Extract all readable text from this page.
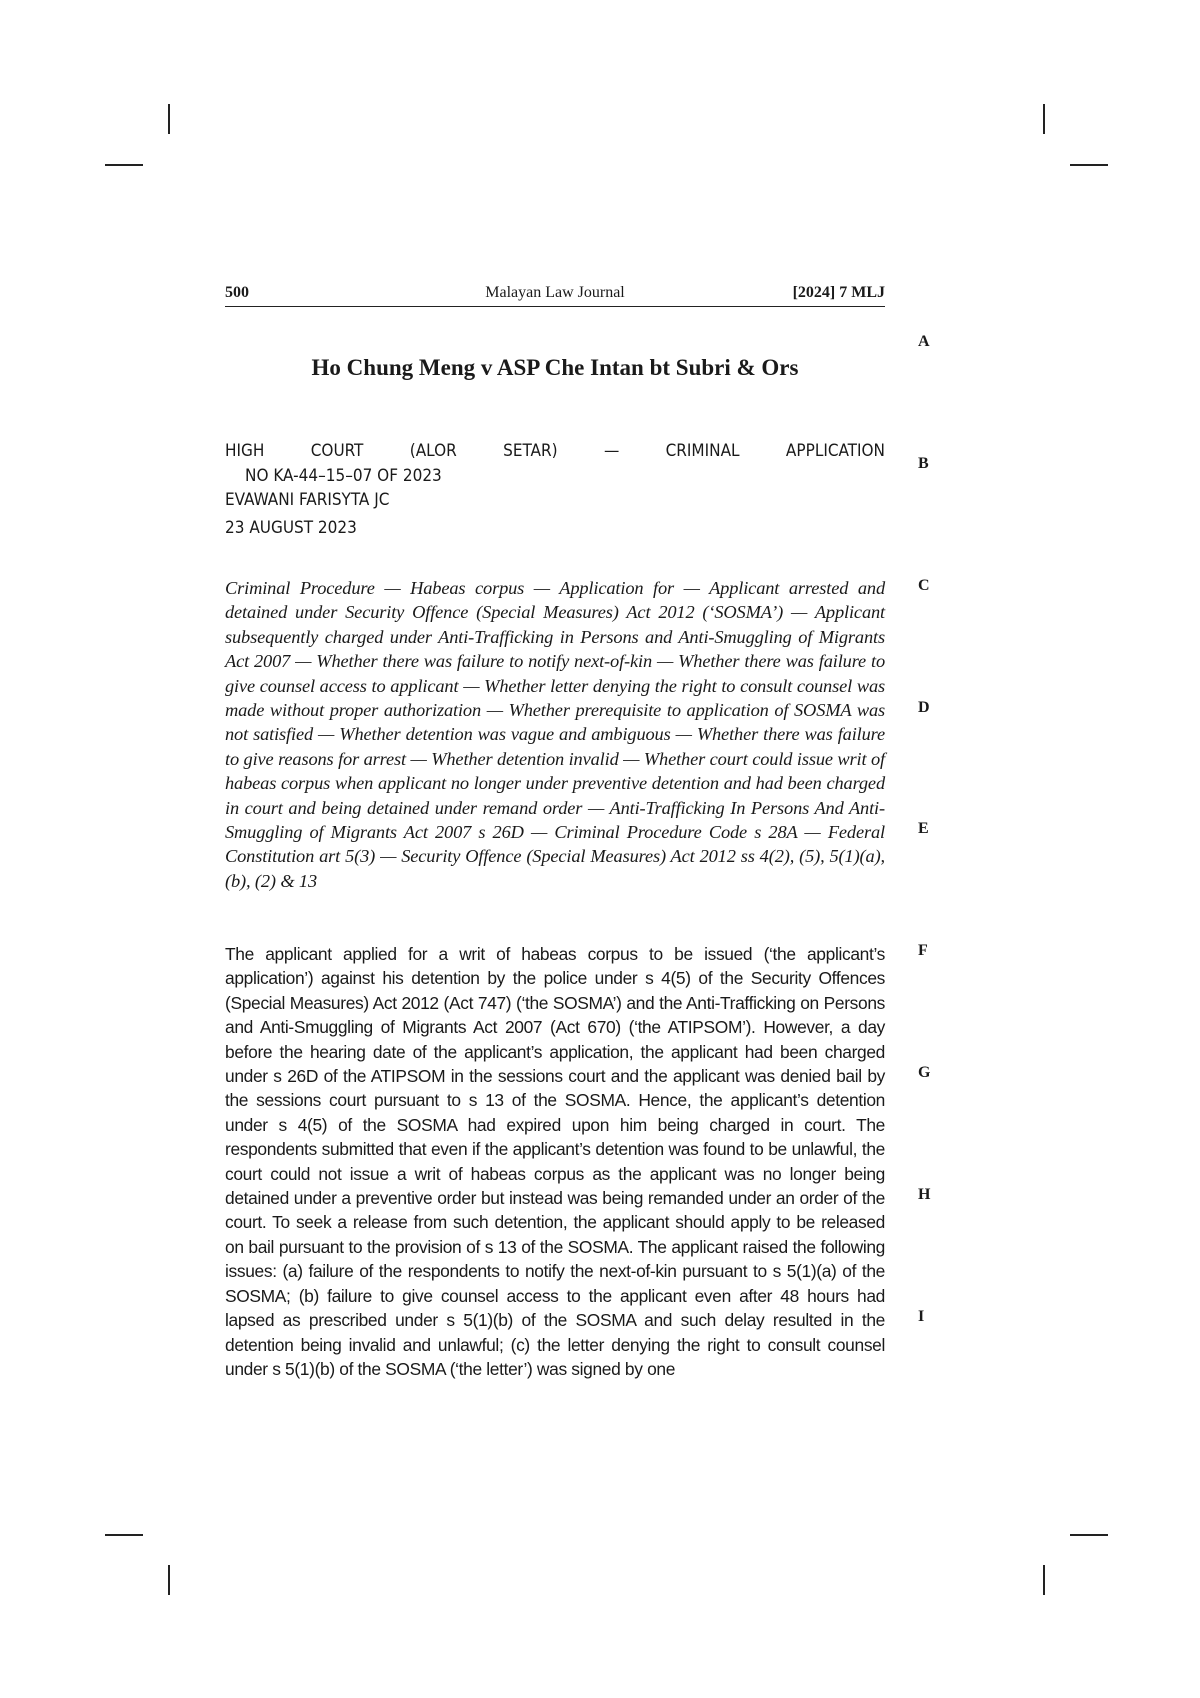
500	Malayan Law Journal	[2024] 7 MLJ
Ho Chung Meng v ASP Che Intan bt Subri & Ors
HIGH COURT (ALOR SETAR) — CRIMINAL APPLICATION
NO KA-44–15–07 OF 2023
EVAWANI FARISYTA JC
23 AUGUST 2023
Criminal Procedure — Habeas corpus — Application for — Applicant arrested and detained under Security Offence (Special Measures) Act 2012 (‘SOSMA’) — Applicant subsequently charged under Anti-Trafficking in Persons and Anti-Smuggling of Migrants Act 2007 — Whether there was failure to notify next-of-kin — Whether there was failure to give counsel access to applicant — Whether letter denying the right to consult counsel was made without proper authorization — Whether prerequisite to application of SOSMA was not satisfied — Whether detention was vague and ambiguous — Whether there was failure to give reasons for arrest — Whether detention invalid — Whether court could issue writ of habeas corpus when applicant no longer under preventive detention and had been charged in court and being detained under remand order — Anti-Trafficking In Persons And Anti-Smuggling of Migrants Act 2007 s 26D — Criminal Procedure Code s 28A — Federal Constitution art 5(3) — Security Offence (Special Measures) Act 2012 ss 4(2), (5), 5(1)(a), (b), (2) & 13
The applicant applied for a writ of habeas corpus to be issued (‘the applicant’s application’) against his detention by the police under s 4(5) of the Security Offences (Special Measures) Act 2012 (Act 747) (‘the SOSMA’) and the Anti-Trafficking on Persons and Anti-Smuggling of Migrants Act 2007 (Act 670) (‘the ATIPSOM’). However, a day before the hearing date of the applicant’s application, the applicant had been charged under s 26D of the ATIPSOM in the sessions court and the applicant was denied bail by the sessions court pursuant to s 13 of the SOSMA. Hence, the applicant’s detention under s 4(5) of the SOSMA had expired upon him being charged in court. The respondents submitted that even if the applicant’s detention was found to be unlawful, the court could not issue a writ of habeas corpus as the applicant was no longer being detained under a preventive order but instead was being remanded under an order of the court. To seek a release from such detention, the applicant should apply to be released on bail pursuant to the provision of s 13 of the SOSMA. The applicant raised the following issues: (a) failure of the respondents to notify the next-of-kin pursuant to s 5(1)(a) of the SOSMA; (b) failure to give counsel access to the applicant even after 48 hours had lapsed as prescribed under s 5(1)(b) of the SOSMA and such delay resulted in the detention being invalid and unlawful; (c) the letter denying the right to consult counsel under s 5(1)(b) of the SOSMA (‘the letter’) was signed by one
A
B
C
D
E
F
G
H
I
